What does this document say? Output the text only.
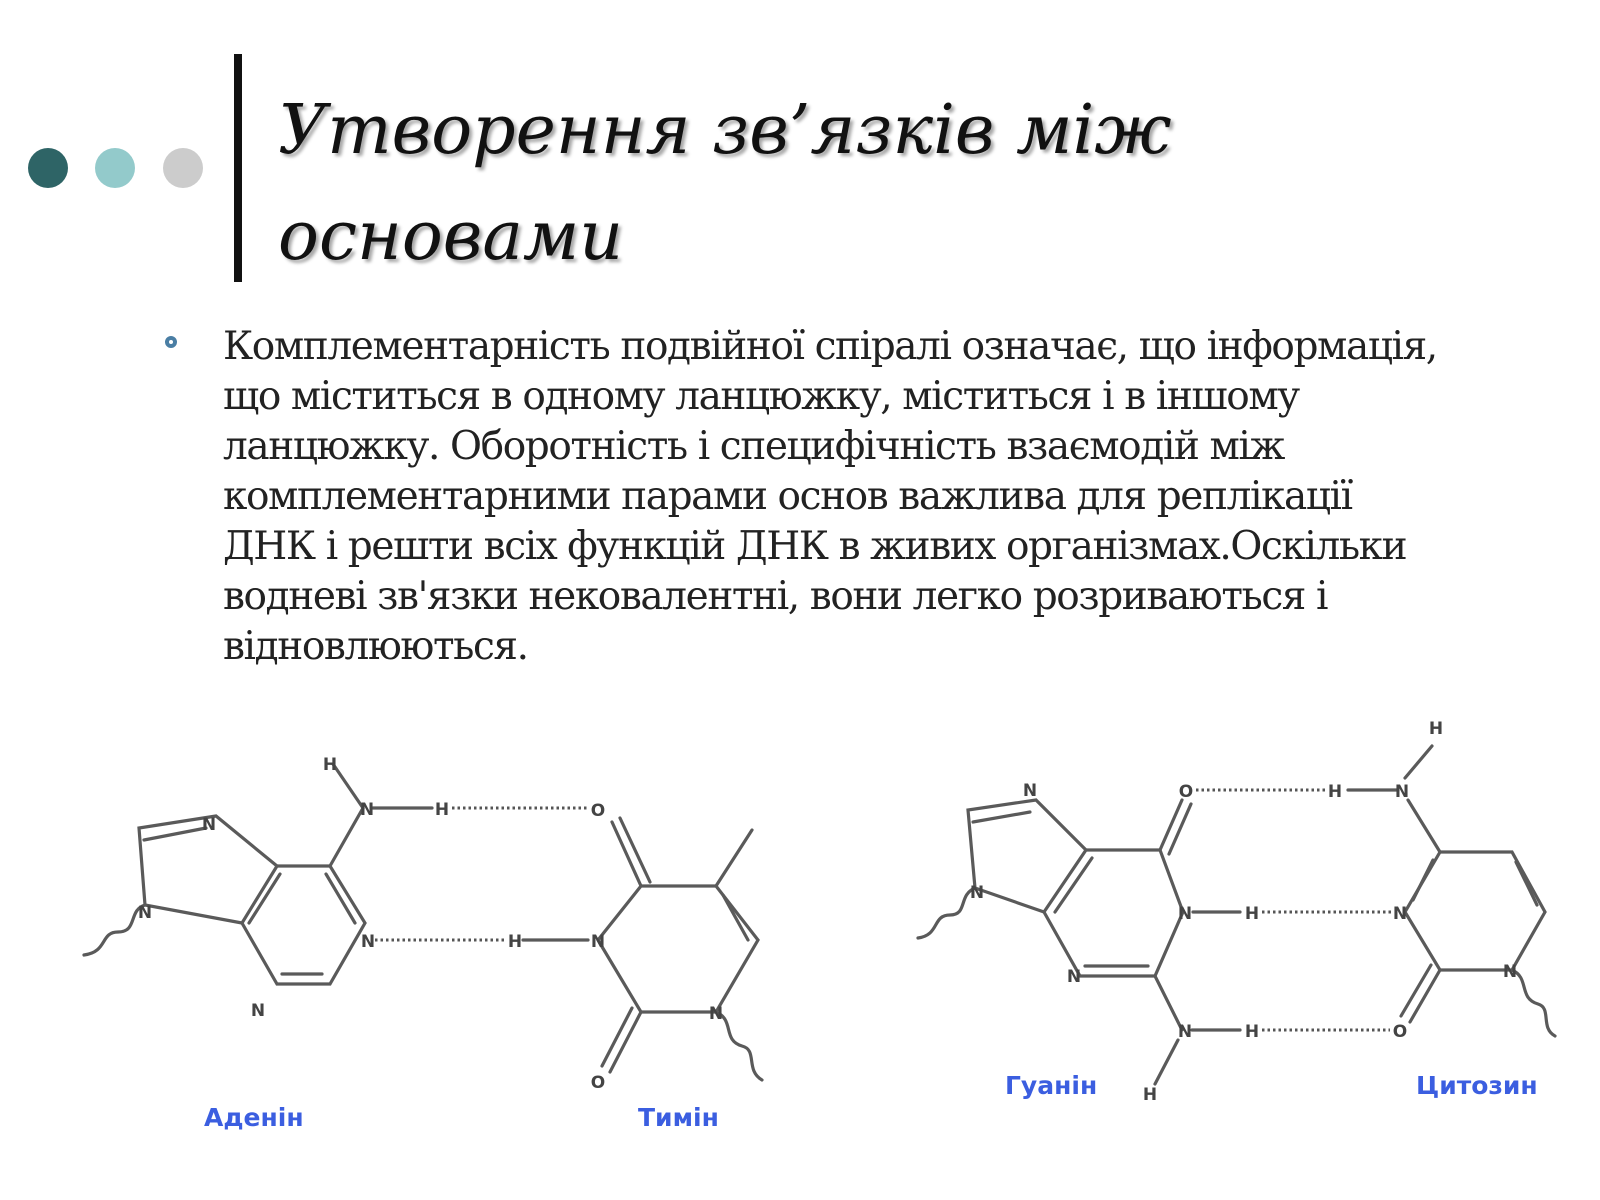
Утворення зв’язків між основами

Комплементарність подвійної спіралі означає, що інформація, що міститься в одному ланцюжку, міститься і в іншому ланцюжку. Оборотність і специфічність взаємодій між комплементарними парами основ важлива для реплікації ДНК і решти всіх функцій ДНК в живих організмах.Оскільки водневі зв'язки нековалентні, вони легко розриваються і відновлюються.

H
N	H	O
N
N
N	H	N
N	N
O
N	O	H	N
H
N
N	H	N
N	N
N	H	O
H
Аденін	Тимін
Гуанін	Цитозин
